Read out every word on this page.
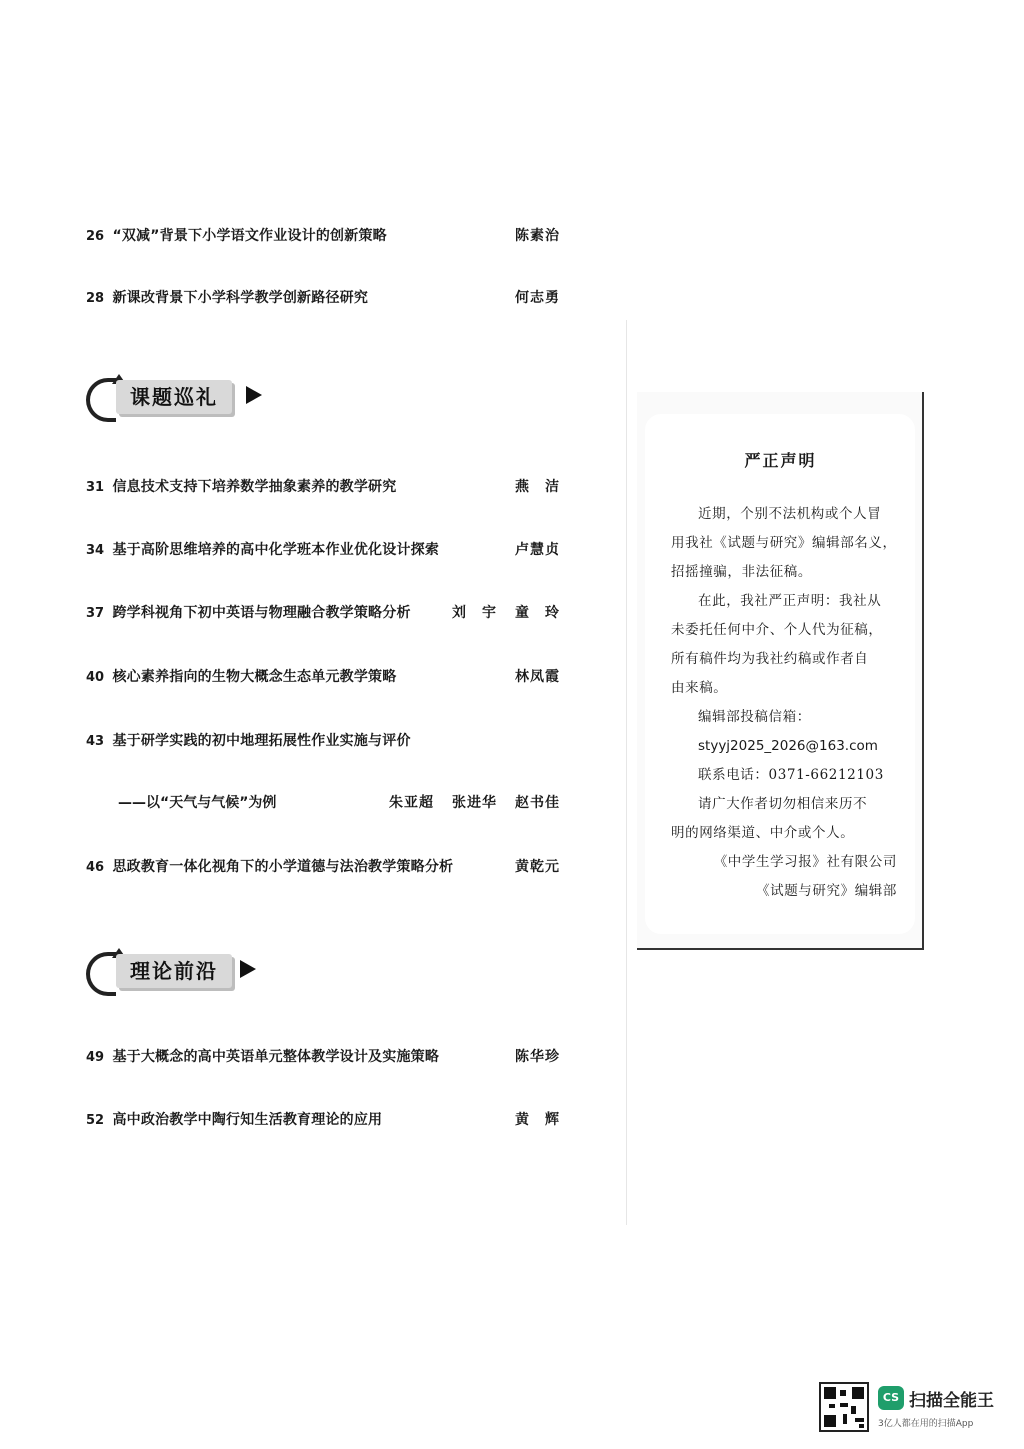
26 “双减”背景下小学语文作业设计的创新策略	陈素治
28 新课改背景下小学科学教学创新路径研究	何志勇
课题巡礼
31 信息技术支持下培养数学抽象素养的教学研究	燕　洁
34 基于高阶思维培养的高中化学班本作业优化设计探索	卢慧贞
37 跨学科视角下初中英语与物理融合教学策略分析	刘　宇 童　玲
40 核心素养指向的生物大概念生态单元教学策略	林凤霞
43 基于研学实践的初中地理拓展性作业实施与评价
——以“天气与气候”为例	朱亚超 张进华 赵书佳
46 思政教育一体化视角下的小学道德与法治教学策略分析	黄乾元
理论前沿
49 基于大概念的高中英语单元整体教学设计及实施策略	陈华珍
52 高中政治教学中陶行知生活教育理论的应用	黄　辉
严正声明

近期，个别不法机构或个人冒

用我社《试题与研究》编辑部名义，

招摇撞骗，非法征稿。

在此，我社严正声明：我社从

未委托任何中介、个人代为征稿，

所有稿件均为我社约稿或作者自

由来稿。

编辑部投稿信箱：

styyj2025_2026@163.com

联系电话：0371-66212103

请广大作者切勿相信来历不

明的网络渠道、中介或个人。

《中学生学习报》社有限公司

《试题与研究》编辑部

CS 扫描全能王
3亿人都在用的扫描App
